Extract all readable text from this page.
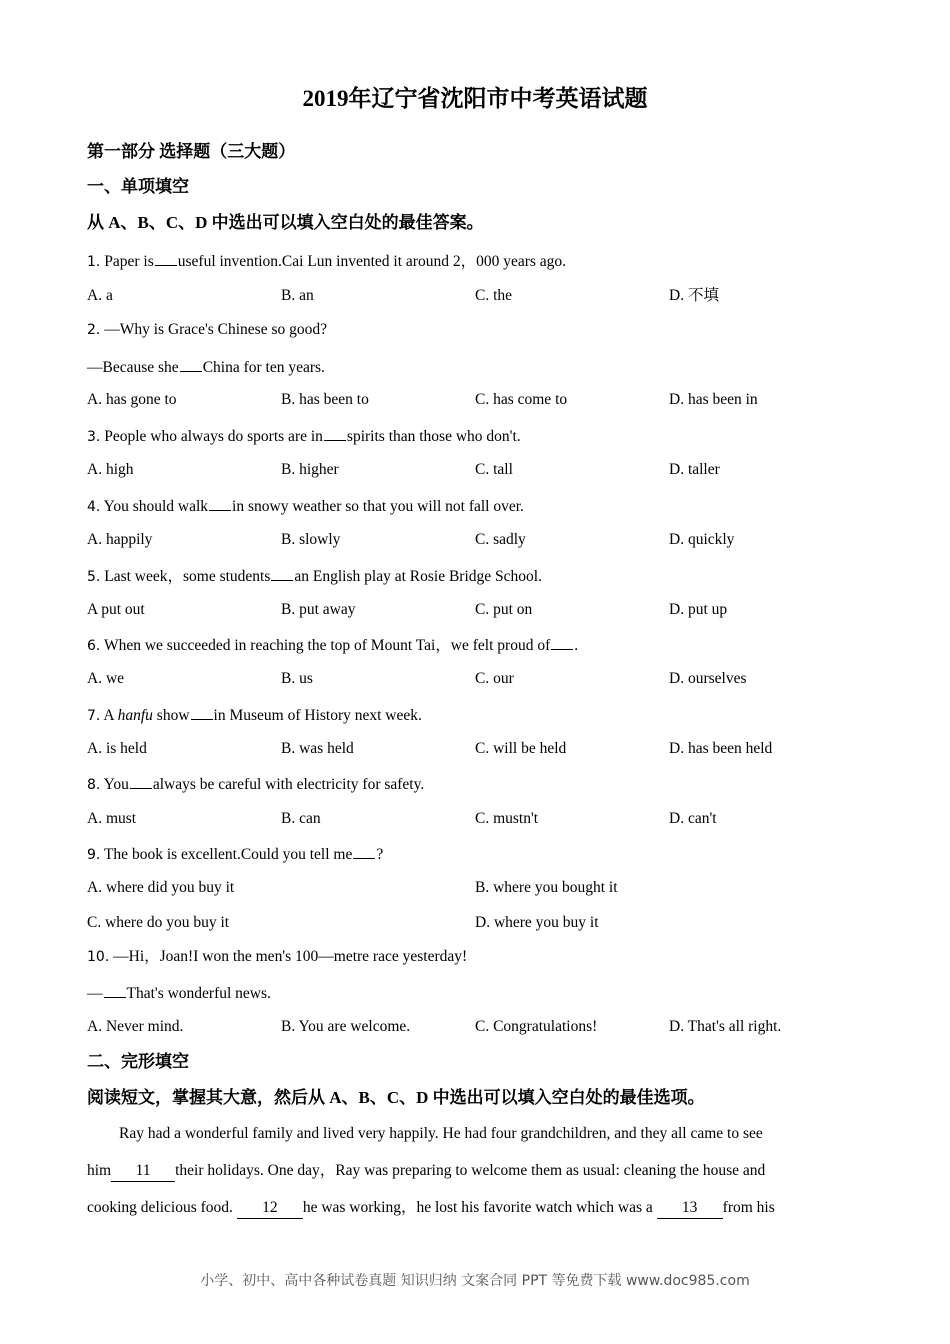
2019年辽宁省沈阳市中考英语试题
第一部分 选择题（三大题）
一、单项填空
从 A、B、C、D 中选出可以填入空白处的最佳答案。
1. Paper is useful invention.Cai Lun invented it around 2，000 years ago.
A. a	B. an	C. the	D. 不填
2. —Why is Grace's Chinese so good?
—Because she China for ten years.
A. has gone to	B. has been to	C. has come to	D. has been in
3. People who always do sports are in spirits than those who don't.
A. high	B. higher	C. tall	D. taller
4. You should walk in snowy weather so that you will not fall over.
A. happily	B. slowly	C. sadly	D. quickly
5. Last week，some students an English play at Rosie Bridge School.
A put out	B. put away	C. put on	D. put up
6. When we succeeded in reaching the top of Mount Tai，we felt proud of .
A. we	B. us	C. our	D. ourselves
7. A hanfu show in Museum of History next week.
A. is held	B. was held	C. will be held	D. has been held
8. You always be careful with electricity for safety.
A. must	B. can	C. mustn't	D. can't
9. The book is excellent.Could you tell me ?
A. where did you buy it	B. where you bought it
C. where do you buy it	D. where you buy it
10. —Hi，Joan!I won the men's 100—metre race yesterday!
— That's wonderful news.
A. Never mind.	B. You are welcome.	C. Congratulations!	D. That's all right.
二、完形填空
阅读短文，掌握其大意，然后从 A、B、C、D 中选出可以填入空白处的最佳选项。
Ray had a wonderful family and lived very happily. He had four grandchildren, and they all came to see
him 11 their holidays. One day，Ray was preparing to welcome them as usual: cleaning the house and
cooking delicious food. 12 he was working，he lost his favorite watch which was a 13 from his
小学、初中、高中各种试卷真题 知识归纳 文案合同 PPT 等免费下载 www.doc985.com
